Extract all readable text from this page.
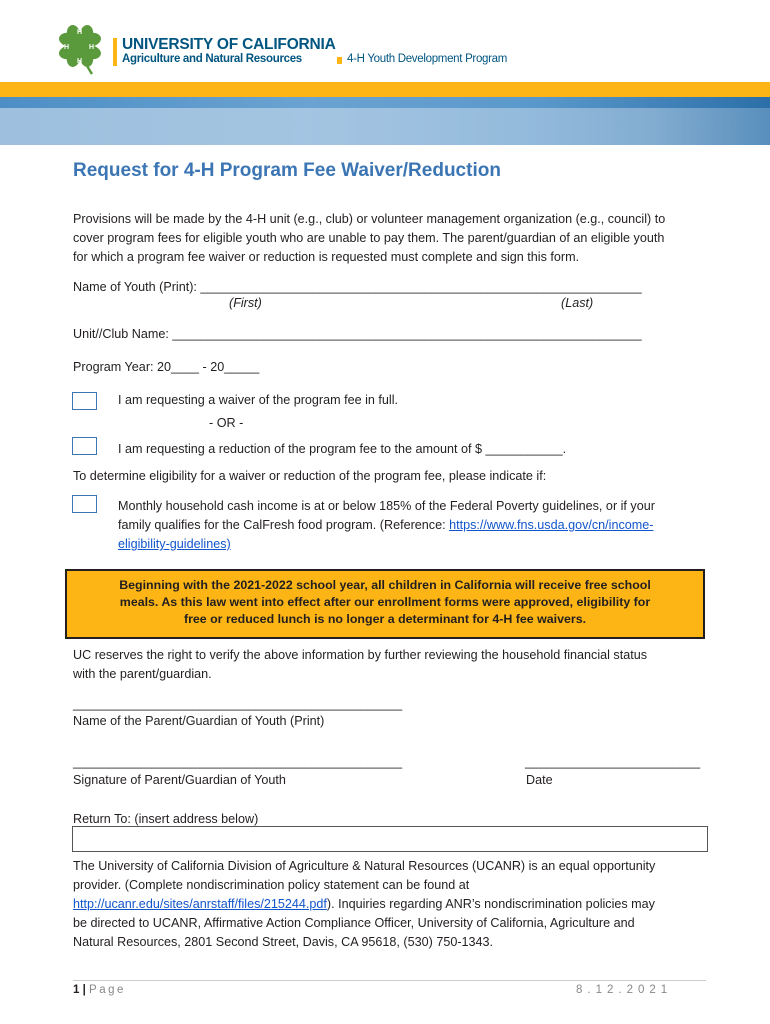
H
H
H
H	UNIVERSITY OF CALIFORNIA
Agriculture and Natural Resources	4-H Youth Development Program
Request for 4-H Program Fee Waiver/Reduction
Provisions will be made by the 4-H unit (e.g., club) or volunteer management organization (e.g., council) to
cover program fees for eligible youth who are unable to pay them. The parent/guardian of an eligible youth
for which a program fee waiver or reduction is requested must complete and sign this form.
Name of Youth (Print): _______________________________________________________________
(First)	(Last)
Unit//Club Name: ___________________________________________________________________
Program Year: 20____ - 20_____
I am requesting a waiver of the program fee in full.
- OR -
I am requesting a reduction of the program fee to the amount of $ ___________.
To determine eligibility for a waiver or reduction of the program fee, please indicate if:
Monthly household cash income is at or below 185% of the Federal Poverty guidelines, or if your
family qualifies for the CalFresh food program. (Reference: https://www.fns.usda.gov/cn/income-
eligibility-guidelines)
Beginning with the 2021-2022 school year, all children in California will receive free school
meals. As this law went into effect after our enrollment forms were approved, eligibility for
free or reduced lunch is no longer a determinant for 4-H fee waivers.
UC reserves the right to verify the above information by further reviewing the household financial status
with the parent/guardian.
_______________________________________________
Name of the Parent/Guardian of Youth (Print)
_______________________________________________	_________________________
Signature of Parent/Guardian of Youth	Date
Return To: (insert address below)
The University of California Division of Agriculture & Natural Resources (UCANR) is an equal opportunity
provider. (Complete nondiscrimination policy statement can be found at
http://ucanr.edu/sites/anrstaff/files/215244.pdf). Inquiries regarding ANR’s nondiscrimination policies may
be directed to UCANR, Affirmative Action Compliance Officer, University of California, Agriculture and
Natural Resources, 2801 Second Street, Davis, CA 95618, (530) 750-1343.
1 | Page	8.12.2021
